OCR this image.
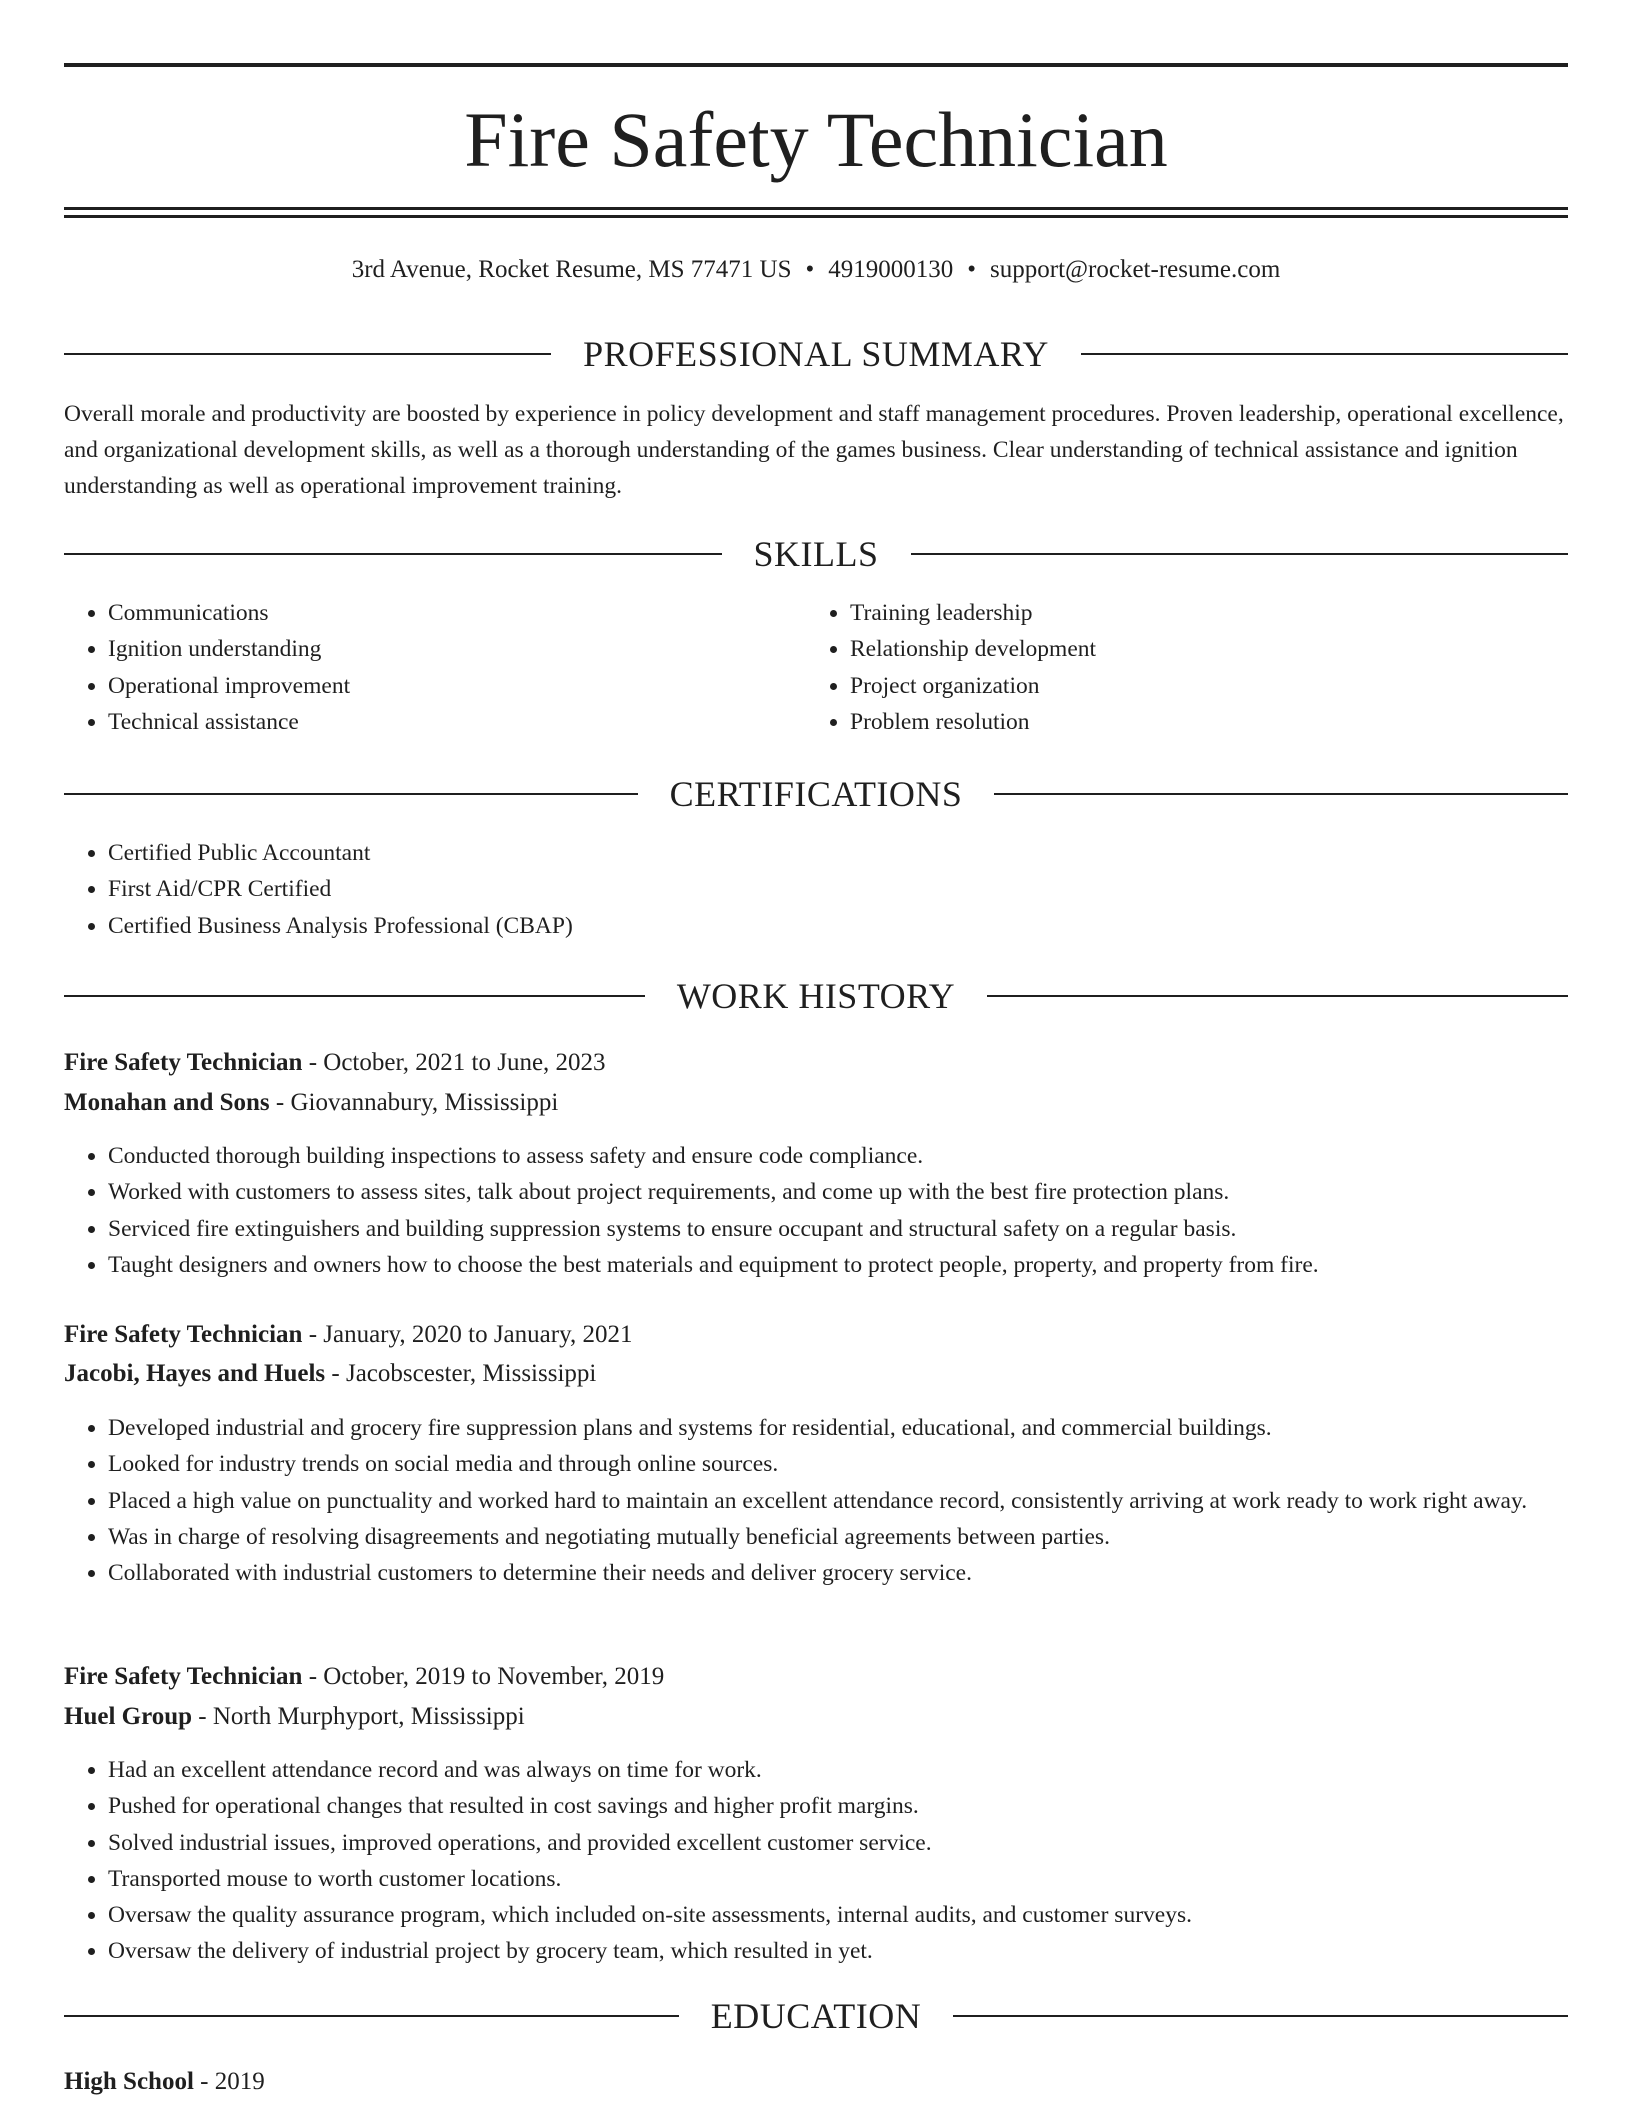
Fire Safety Technician
3rd Avenue, Rocket Resume, MS 77471 US • 4919000130 • support@rocket-resume.com
PROFESSIONAL SUMMARY

Overall morale and productivity are boosted by experience in policy development and staff management procedures. Proven leadership, operational excellence, and organizational development skills, as well as a thorough understanding of the games business. Clear understanding of technical assistance and ignition understanding as well as operational improvement training.

SKILLS
• Communications
• Ignition understanding
• Operational improvement
• Technical assistance
• Training leadership
• Relationship development
• Project organization
• Problem resolution
CERTIFICATIONS
• Certified Public Accountant
• First Aid/CPR Certified
• Certified Business Analysis Professional (CBAP)
WORK HISTORY
Fire Safety Technician - October, 2021 to June, 2023
Monahan and Sons - Giovannabury, Mississippi
• Conducted thorough building inspections to assess safety and ensure code compliance.
• Worked with customers to assess sites, talk about project requirements, and come up with the best fire protection plans.
• Serviced fire extinguishers and building suppression systems to ensure occupant and structural safety on a regular basis.
• Taught designers and owners how to choose the best materials and equipment to protect people, property, and property from fire.
Fire Safety Technician - January, 2020 to January, 2021
Jacobi, Hayes and Huels - Jacobscester, Mississippi
• Developed industrial and grocery fire suppression plans and systems for residential, educational, and commercial buildings.
• Looked for industry trends on social media and through online sources.
• Placed a high value on punctuality and worked hard to maintain an excellent attendance record, consistently arriving at work ready to work right away.
• Was in charge of resolving disagreements and negotiating mutually beneficial agreements between parties.
• Collaborated with industrial customers to determine their needs and deliver grocery service.
Fire Safety Technician - October, 2019 to November, 2019
Huel Group - North Murphyport, Mississippi
• Had an excellent attendance record and was always on time for work.
• Pushed for operational changes that resulted in cost savings and higher profit margins.
• Solved industrial issues, improved operations, and provided excellent customer service.
• Transported mouse to worth customer locations.
• Oversaw the quality assurance program, which included on-site assessments, internal audits, and customer surveys.
• Oversaw the delivery of industrial project by grocery team, which resulted in yet.
EDUCATION
High School - 2019
